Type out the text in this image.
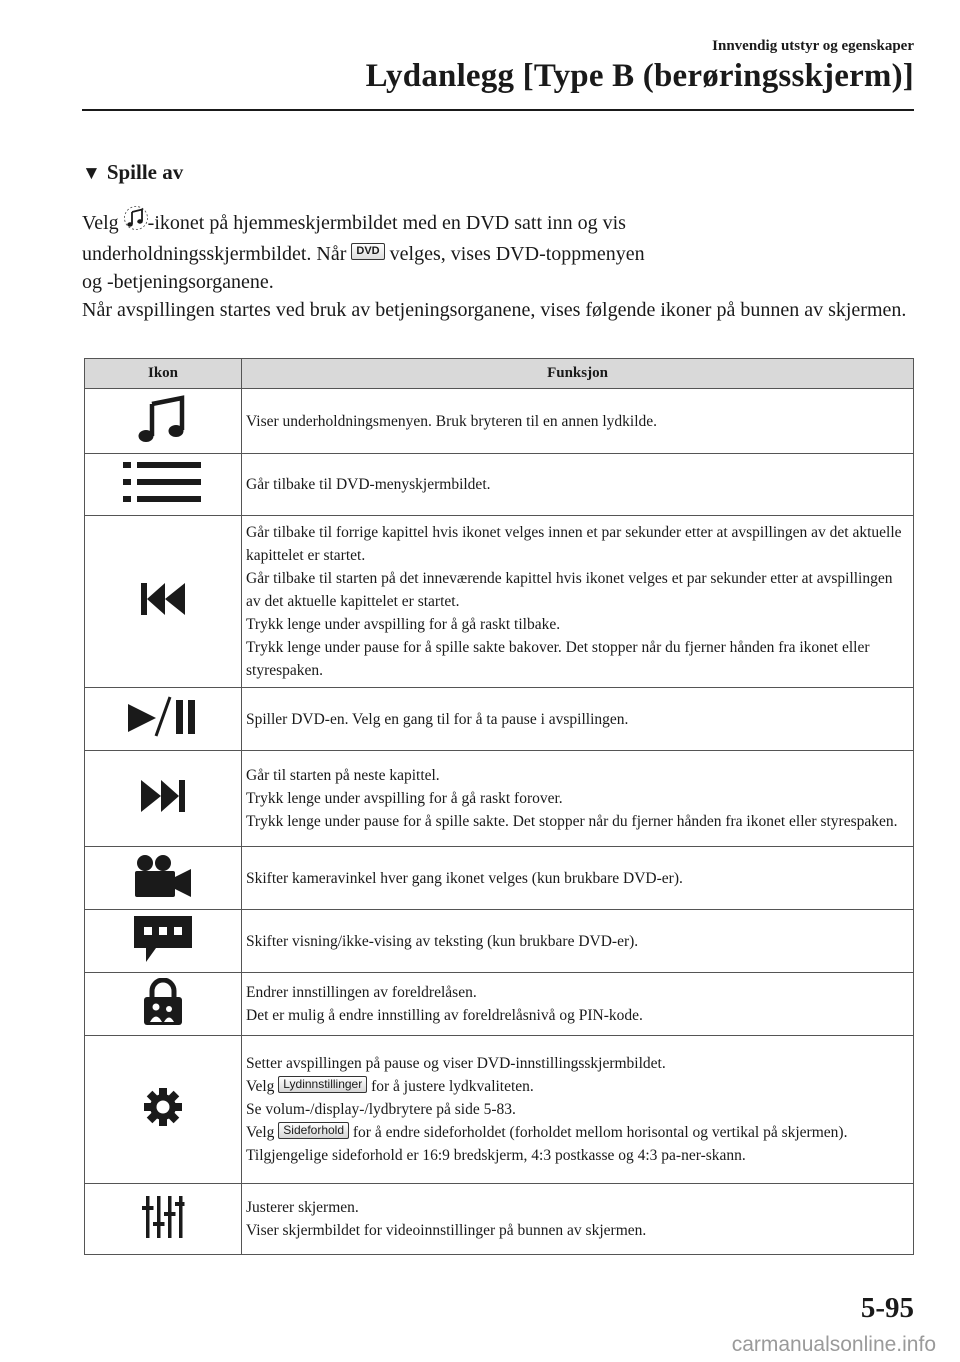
Innvendig utstyr og egenskaper
Lydanlegg [Type B (berøringsskjerm)]
▼ Spille av

Velg -ikonet på hjemmeskjermbildet med en DVD satt inn og vis
underholdningsskjermbildet. Når DVD velges, vises DVD-toppmenyen
og -betjeningsorganene.

Når avspillingen startes ved bruk av betjeningsorganene, vises følgende ikoner på bunnen av skjermen.

Ikon	Funksjon

Viser underholdningsmenyen. Bruk bryteren til en annen lydkilde.

Går tilbake til DVD-menyskjermbildet.

Går tilbake til forrige kapittel hvis ikonet velges innen et par sekunder etter at avspillingen av det aktuelle kapittelet er startet.
Går tilbake til starten på det inneværende kapittel hvis ikonet velges et par sekunder etter at avspillingen av det aktuelle kapittelet er startet.
Trykk lenge under avspilling for å gå raskt tilbake.
Trykk lenge under pause for å spille sakte bakover. Det stopper når du fjerner hånden fra ikonet eller styrespaken.

Spiller DVD-en. Velg en gang til for å ta pause i avspillingen.

Går til starten på neste kapittel.
Trykk lenge under avspilling for å gå raskt forover.
Trykk lenge under pause for å spille sakte. Det stopper når du fjerner hånden fra ikonet eller styrespaken.

Skifter kameravinkel hver gang ikonet velges (kun brukbare DVD-er).

Skifter visning/ikke-vising av teksting (kun brukbare DVD-er).

Endrer innstillingen av foreldrelåsen.
Det er mulig å endre innstilling av foreldrelåsnivå og PIN-kode.

Setter avspillingen på pause og viser DVD-innstillingsskjermbildet.
Velg Lydinnstillinger for å justere lydkvaliteten.
Se volum-/display-/lydbrytere på side 5-83.
Velg Sideforhold for å endre sideforholdet (forholdet mellom horisontal og vertikal på skjermen). Tilgjengelige sideforhold er 16:9 bredskjerm, 4:3 postkasse og 4:3 pa-ner-skann.

Justerer skjermen.
Viser skjermbildet for videoinnstillinger på bunnen av skjermen.
5-95
carmanualsonline.info
